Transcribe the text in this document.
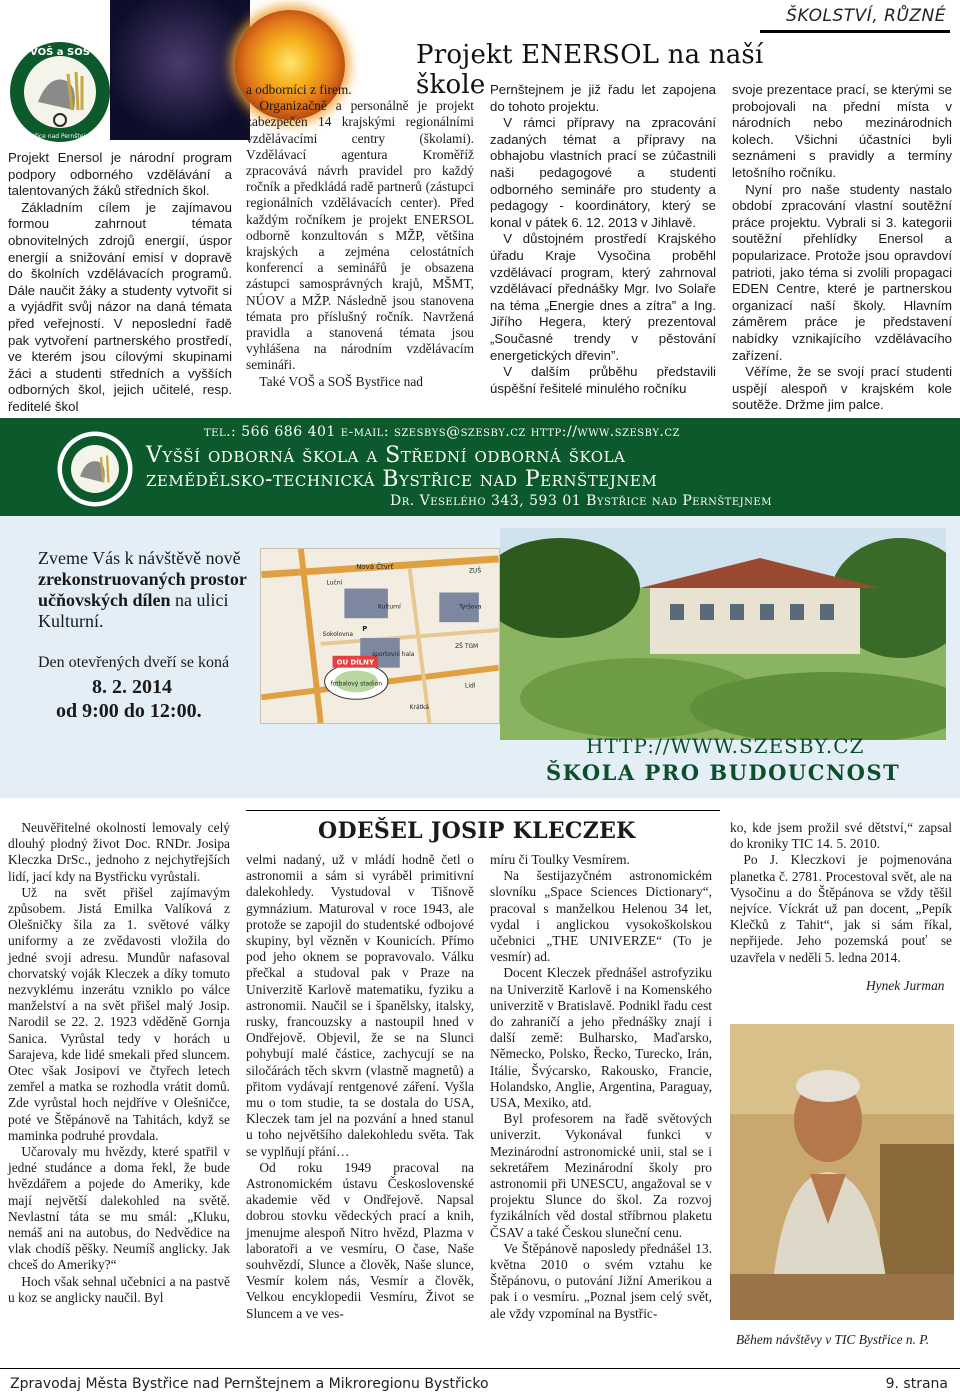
ŠKOLSTVÍ, RŮZNÉ
Projekt ENERSOL na naší škole
VOŠ a SOŠ
Bystřice nad Pernštejnem

Projekt Enersol je národní program podpory odborného vzdělávání a talentovaných žáků středních škol.

Základním cílem je zajímavou formou zahrnout témata obnovitelných zdrojů energií, úspor energií a snižování emisí v dopravě do školních vzdělávacích programů. Dále naučit žáky a studenty vytvořit si a vyjádřit svůj názor na daná témata před veřejností. V neposlední řadě pak vytvoření partnerského prostředí, ve kterém jsou cílovými skupinami žáci a studenti středních a vyšších odborných škol, jejich učitelé, resp. ředitelé škol

a odborníci z firem.

Organizačně a personálně je projekt zabezpečen 14 krajskými regionálními vzdělávacími centry (školami). Vzdělávací agentura Kroměříž zpracovává návrh pravidel pro každý ročník a předkládá radě partnerů (zástupci regionálních vzdělávacích center). Před každým ročníkem je projekt ENERSOL odborně konzultován s MŽP, většina krajských a zejména celostátních konferencí a seminářů je obsazena zástupci samosprávných krajů, MŠMT, NÚOV a MŽP. Následně jsou stanovena témata pro příslušný ročník. Navržená pravidla a stanovená témata jsou vyhlášena na národním vzdělávacím semináři.

Také VOŠ a SOŠ Bystřice nad

Pernštejnem je již řadu let zapojena do tohoto projektu.

V rámci přípravy na zpracování zadaných témat a přípravy na obhajobu vlastních prací se zúčastnili naši pedagogové a studenti odborného semináře pro studenty a pedagogy - koordinátory, který se konal v pátek 6. 12. 2013 v Jihlavě.

V důstojném prostředí Krajského úřadu Kraje Vysočina proběhl vzdělávací program, který zahrnoval vzdělávací přednášky Mgr. Ivo Solaře na téma „Energie dnes a zítra” a Ing. Jiřího Hegera, který prezentoval „Současné trendy v pěstování energetických dřevin”.

V dalším průběhu představili úspěšní řešitelé minulého ročníku

svoje prezentace prací, se kterými se probojovali na přední místa v národních nebo mezinárodních kolech. Všichni účastníci byli seznámeni s pravidly a termíny letošního ročníku.

Nyní pro naše studenty nastalo období zpracování vlastní soutěžní práce projektu. Vybrali si 3. kategorii soutěžní přehlídky Enersol a popularizace. Protože jsou opravdoví patrioti, jako téma si zvolili propagaci EDEN Centre, které je partnerskou organizací naší školy. Hlavním záměrem práce je představení nabídky vznikajícího vzdělávacího zařízení.

Věříme, že se svojí prací studenti uspějí alespoň v krajském kole soutěže. Držme jim palce.

tel.: 566 686 401 e-mail: szesbys@szesby.cz http://www.szesby.cz
Vyšší odborná škola a Střední odborná škola
zemědělsko-technická Bystřice nad Pernštejnem
Dr. Veselého 343, 593 01 Bystřice nad Pernštejnem
Zveme Vás k návštěvě nově zrekonstruovaných prostor učňovských dílen na ulici Kulturní.
Den otevřených dveří se koná
8. 2. 2014
od 9:00 do 12:00.
OU DÍLNY
fotbalový stadion
Nová Čtvrť
Kulturní	Tyršova
Sokolovna
Krátká
sportovní hala
Luční
ZŠ TGM
Lidl
ZUŠ
P
HTTP://WWW.SZESBY.CZ
ŠKOLA PRO BUDOUCNOST
ODEŠEL JOSIP KLECZEK

Neuvěřitelné okolnosti lemovaly celý dlouhý plodný život Doc. RNDr. Josipa Kleczka DrSc., jednoho z nejchytřejších lidí, jací kdy na Bystřicku vyrůstali.

Už na svět přišel zajímavým způsobem. Jistá Emilka Valíková z Olešničky šila za 1. světové války uniformy a ze zvědavosti vložila do jedné svoji adresu. Mundůr nafasoval chorvatský voják Kleczek a díky tomuto nezvyklému inzerátu vzniklo po válce manželství a na svět přišel malý Josip. Narodil se 22. 2. 1923 vděděně Gornja Sanica. Vyrůstal tedy v horách u Sarajeva, kde lidé smekali před sluncem. Otec však Josipovi ve čtyřech letech zemřel a matka se rozhodla vrátit domů. Zde vyrůstal hoch nejdříve v Olešničce, poté ve Štěpánově na Tahitách, když se maminka podruhé provdala.

Učarovaly mu hvězdy, které spatřil v jedné studánce a doma řekl, že bude hvězdářem a pojede do Ameriky, kde mají největší dalekohled na světě. Nevlastní táta se mu smál: „Kluku, nemáš ani na autobus, do Nedvědice na vlak chodíš pěšky. Neumíš anglicky. Jak chceš do Ameriky?“

Hoch však sehnal učebnici a na pastvě u koz se anglicky naučil. Byl

velmi nadaný, už v mládí hodně četl o astronomii a sám si vyráběl primitivní dalekohledy. Vystudoval v Tišnově gymnázium. Maturoval v roce 1943, ale protože se zapojil do studentské odbojové skupiny, byl vězněn v Kounicích. Přímo pod jeho oknem se popravovalo. Válku přečkal a studoval pak v Praze na Univerzitě Karlově matematiku, fyziku a astronomii. Naučil se i španělsky, italsky, rusky, francouzsky a nastoupil hned v Ondřejově. Objevil, že se na Slunci pohybují malé částice, zachycují se na siločárách těch skvrn (vlastně magnetů) a přitom vydávají rentgenové záření. Vyšla mu o tom studie, ta se dostala do USA, Kleczek tam jel na pozvání a hned stanul u toho největšího dalekohledu světa. Tak se vyplňují přání…

Od roku 1949 pracoval na Astronomickém ústavu Československé akademie věd v Ondřejově. Napsal dobrou stovku vědeckých prací a knih, jmenujme alespoň Nitro hvězd, Plazma v laboratoři a ve vesmíru, O čase, Naše souhvězdí, Slunce a člověk, Naše slunce, Vesmír kolem nás, Vesmír a člověk, Velkou encyklopedii Vesmíru, Život se Sluncem a ve ves-

míru či Toulky Vesmírem.

Na šestijazyčném astronomickém slovníku „Space Sciences Dictionary“, pracoval s manželkou Helenou 34 let, vydal i anglickou vysokoškolskou učebnici „THE UNIVERZE“ (To je vesmír) ad.

Docent Kleczek přednášel astrofyziku na Univerzitě Karlově i na Komenského univerzitě v Bratislavě. Podnikl řadu cest do zahraničí a jeho přednášky znají i další země: Bulharsko, Maďarsko, Německo, Polsko, Řecko, Turecko, Irán, Itálie, Švýcarsko, Rakousko, Francie, Holandsko, Anglie, Argentina, Paraguay, USA, Mexiko, atd.

Byl profesorem na řadě světových univerzit. Vykonával funkci v Mezinárodní astronomické unii, stal se i sekretářem Mezinárodní školy pro astronomii při UNESCU, angažoval se v projektu Slunce do škol. Za rozvoj fyzikálních věd dostal stříbrnou plaketu ČSAV a také Českou sluneční cenu.

Ve Štěpánově naposledy přednášel 13. května 2010 o svém vztahu ke Štěpánovu, o putování Jižní Amerikou a pak i o vesmíru. „Poznal jsem celý svět, ale vždy vzpomínal na Bystřic-

ko, kde jsem prožil své dětství,“ zapsal do kroniky TIC 14. 5. 2010.

Po J. Kleczkovi je pojmenována planetka č. 2781. Procestoval svět, ale na Vysočinu a do Štěpánova se vždy těšil nejvíce. Víckrát už pan docent, „Pepík Klečků z Tahit“, jak si sám říkal, nepřijede. Jeho pozemská pouť se uzavřela v neděli 5. ledna 2014.

Hynek Jurman
Během návštěvy v TIC Bystřice n. P.
Zpravodaj Města Bystřice nad Pernštejnem a Mikroregionu Bystřicko	9. strana
